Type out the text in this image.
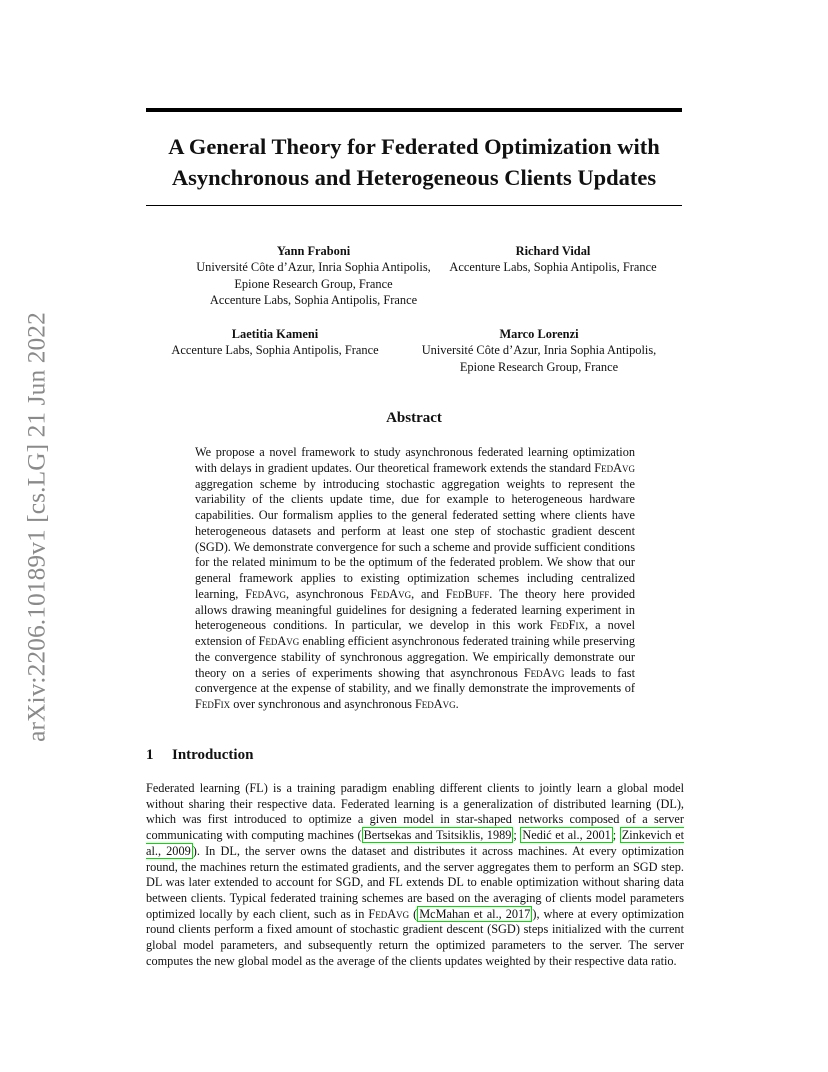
arXiv:2206.10189v1 [cs.LG] 21 Jun 2022
A General Theory for Federated Optimization with
Asynchronous and Heterogeneous Clients Updates
Yann Fraboni
Université Côte d’Azur, Inria Sophia Antipolis,
Epione Research Group, France
Accenture Labs, Sophia Antipolis, France
Richard Vidal
Accenture Labs, Sophia Antipolis, France
Laetitia Kameni
Accenture Labs, Sophia Antipolis, France
Marco Lorenzi
Université Côte d’Azur, Inria Sophia Antipolis,
Epione Research Group, France
Abstract

We propose a novel framework to study asynchronous federated learning optimization with delays in gradient updates. Our theoretical framework extends the standard FedAvg aggregation scheme by introducing stochastic aggregation weights to represent the variability of the clients update time, due for example to heterogeneous hardware capabilities. Our formalism applies to the general federated setting where clients have heterogeneous datasets and perform at least one step of stochastic gradient descent (SGD). We demonstrate convergence for such a scheme and provide sufficient conditions for the related minimum to be the optimum of the federated problem. We show that our general framework applies to existing optimization schemes including centralized learning, FedAvg, asynchronous FedAvg, and FedBuff. The theory here provided allows drawing meaningful guidelines for designing a federated learning experiment in heterogeneous conditions. In particular, we develop in this work FedFix, a novel extension of FedAvg enabling efficient asynchronous federated training while preserving the convergence stability of synchronous aggregation. We empirically demonstrate our theory on a series of experiments showing that asynchronous FedAvg leads to fast convergence at the expense of stability, and we finally demonstrate the improvements of FedFix over synchronous and asynchronous FedAvg.

1 Introduction

Federated learning (FL) is a training paradigm enabling different clients to jointly learn a global model without sharing their respective data. Federated learning is a generalization of distributed learning (DL), which was first introduced to optimize a given model in star-shaped networks composed of a server communicating with computing machines ( Bertsekas and Tsitsiklis, 1989 ; Nedić et al., 2001 ; Zinkevich et al., 2009 ). In DL, the server owns the dataset and distributes it across machines. At every optimization round, the machines return the estimated gradients, and the server aggregates them to perform an SGD step. DL was later extended to account for SGD, and FL extends DL to enable optimization without sharing data between clients. Typical federated training schemes are based on the averaging of clients model parameters optimized locally by each client, such as in FedAvg ( McMahan et al., 2017 ), where at every optimization round clients perform a fixed amount of stochastic gradient descent (SGD) steps initialized with the current global model parameters, and subsequently return the optimized parameters to the server. The server computes the new global model as the average of the clients updates weighted by their respective data ratio.
